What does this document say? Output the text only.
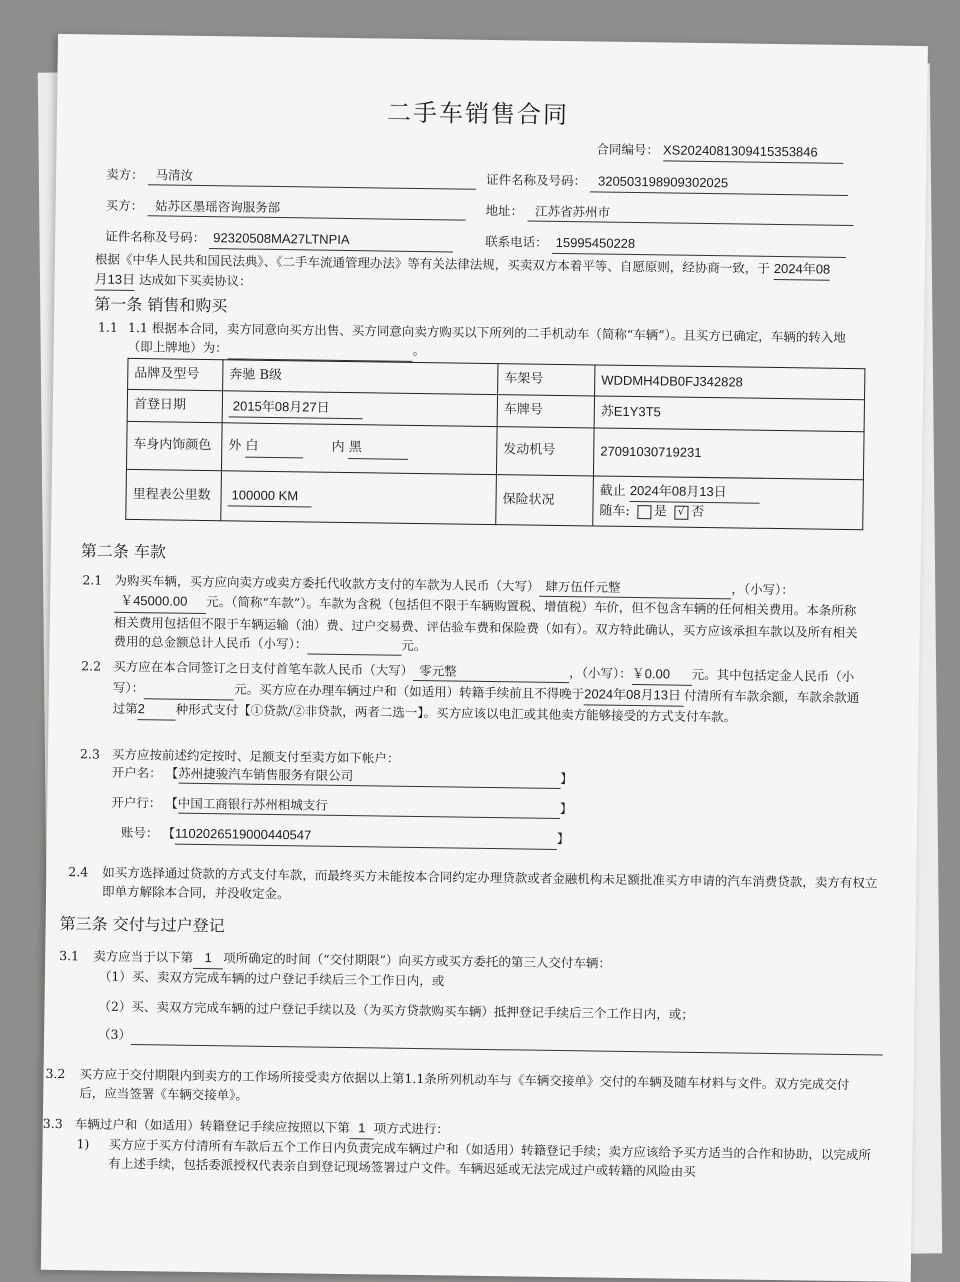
二手车销售合同
合同编号： XS2024081309415353846
卖方： 马清汝	证件名称及号码： 320503198909302025
买方： 姑苏区墨瑶咨询服务部	地址： 江苏省苏州市
证件名称及号码： 92320508MA27LTNPIA	联系电话： 15995450228
根据《中华人民共和国民法典》、《二手车流通管理办法》等有关法律法规，买卖双方本着平等、自愿原则，经协商一致，于 2024年08
月13日 达成如下买卖协议：
第一条 销售和购买
1.1 1.1 根据本合同，卖方同意向买方出售、买方同意向卖方购买以下所列的二手机动车（简称“车辆”）。且买方已确定，车辆的转入地（即上牌地）为：	。
品牌及型号	奔驰 B级	车架号	WDDMH4DB0FJ342828
首登日期	2015年08月27日	车牌号	苏E1Y3T5
车身内饰颜色	外 白 内 黑	发动机号	27091030719231
里程表公里数	100000 KM	保险状况	截止 2024年08月13日
随车: 是 √ 否
第二条 车款
2.1 为购买车辆，买方应向卖方或卖方委托代收款方支付的车款为人民币（大写） 肆万伍仟元整	，（小写）：
￥45000.00 元。（简称“车款”）。车款为含税（包括但不限于车辆购置税、增值税）车价，但不包含车辆的任何相关费用。本条所称相关费用包括但不限于车辆运输（油）费、过户交易费、评估验车费和保险费（如有）。双方特此确认，买方应该承担车款以及所有相关费用的总金额总计人民币（小写）：	元。
2.2 买方应在本合同签订之日支付首笔车款人民币（大写） 零元整	，（小写）：￥0.00 元。其中包括定金人民币（小写）：	元。买方应在办理车辆过户和（如适用）转籍手续前且不得晚于2024年08月13日 付清所有车款余额，车款余款通过第2 种形式支付【①贷款/②非贷款，两者二选一】。买方应该以电汇或其他卖方能够接受的方式支付车款。
2.3 买方应按前述约定按时、足额支付至卖方如下帐户：
开户名： 【苏州捷骏汽车销售服务有限公司	】
开户行： 【中国工商银行苏州相城支行	】
账号： 【1102026519000440547	】
2.4 如买方选择通过贷款的方式支付车款，而最终买方未能按本合同约定办理贷款或者金融机构未足额批准买方申请的汽车消费贷款，卖方有权立即单方解除本合同，并没收定金。
第三条 交付与过户登记
3.1 卖方应当于以下第 1 项所确定的时间（“交付期限”）向买方或买方委托的第三人交付车辆：
（1）买、卖双方完成车辆的过户登记手续后三个工作日内，或
（2）买、卖双方完成车辆的过户登记手续以及（为买方贷款购买车辆）抵押登记手续后三个工作日内，或；
（3）
3.2 买方应于交付期限内到卖方的工作场所接受卖方依据以上第1.1条所列机动车与《车辆交接单》交付的车辆及随车材料与文件。双方完成交付后，应当签署《车辆交接单》。
3.3 车辆过户和（如适用）转籍登记手续应按照以下第 1 项方式进行：
1) 买方应于买方付清所有车款后五个工作日内负责完成车辆过户和（如适用）转籍登记手续；卖方应该给予买方适当的合作和协助，以完成所有上述手续，包括委派授权代表亲自到登记现场签署过户文件。车辆迟延或无法完成过户或转籍的风险由买
